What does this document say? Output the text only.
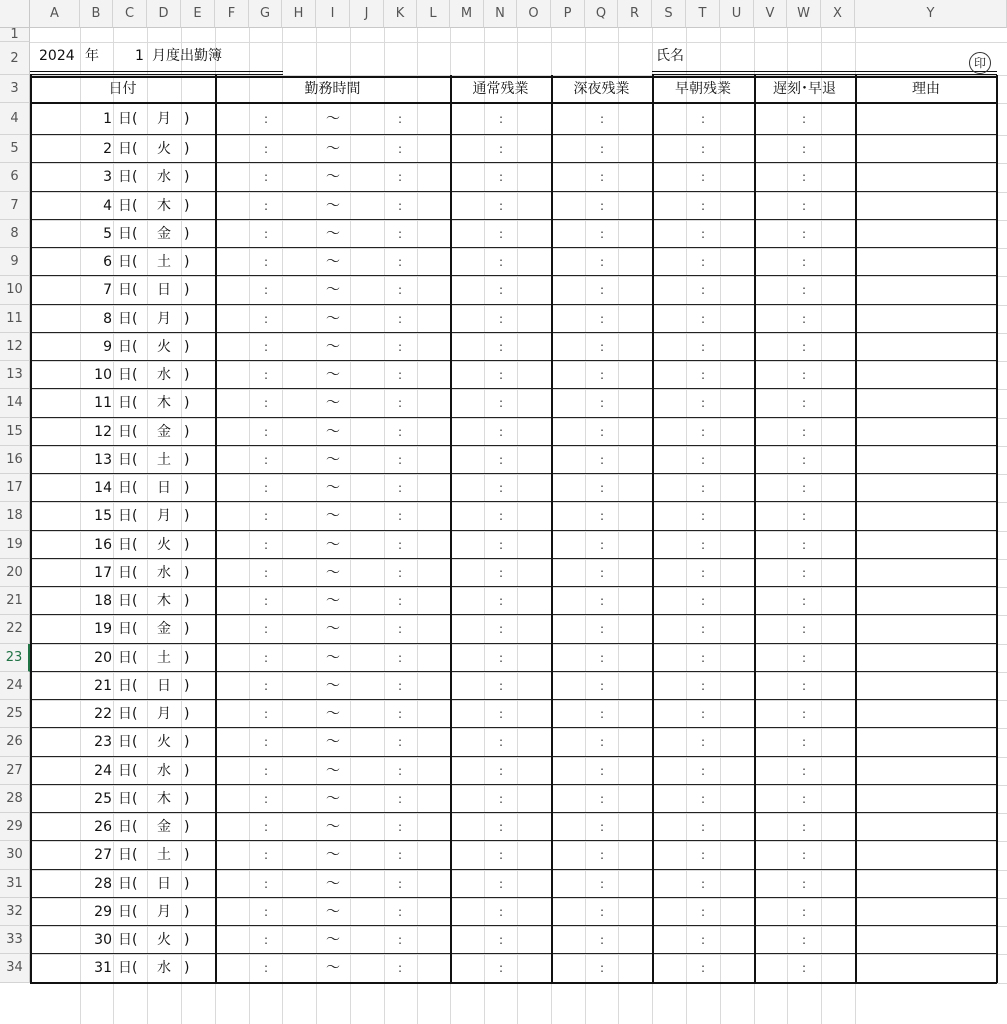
A	B	C	D	E	F	G	H	I	J	K	L	M	N	O	P	Q	R	S	T	U	V	W	X	Y
1
2
3
4
5
6
7
8
9
10
11
12
13
14
15
16
17
18
19
20
21
22
23
24
25
26
27
28
29
30
31
32
33
34
2024 年	1 月度出勤簿	氏名	印
日付	勤務時間	通常残業	深夜残業	早朝残業	遅刻･早退	理由
1 日( 月 )	:	～	:	:	:	:	:
2 日( 火 )	:	～	:	:	:	:	:
3 日( 水 )	:	～	:	:	:	:	:
4 日( 木 )	:	～	:	:	:	:	:
5 日( 金 )	:	～	:	:	:	:	:
6 日( 土 )	:	～	:	:	:	:	:
7 日( 日 )	:	～	:	:	:	:	:
8 日( 月 )	:	～	:	:	:	:	:
9 日( 火 )	:	～	:	:	:	:	:
10 日( 水 )	:	～	:	:	:	:	:
11 日( 木 )	:	～	:	:	:	:	:
12 日( 金 )	:	～	:	:	:	:	:
13 日( 土 )	:	～	:	:	:	:	:
14 日( 日 )	:	～	:	:	:	:	:
15 日( 月 )	:	～	:	:	:	:	:
16 日( 火 )	:	～	:	:	:	:	:
17 日( 水 )	:	～	:	:	:	:	:
18 日( 木 )	:	～	:	:	:	:	:
19 日( 金 )	:	～	:	:	:	:	:
20 日( 土 )	:	～	:	:	:	:	:
21 日( 日 )	:	～	:	:	:	:	:
22 日( 月 )	:	～	:	:	:	:	:
23 日( 火 )	:	～	:	:	:	:	:
24 日( 水 )	:	～	:	:	:	:	:
25 日( 木 )	:	～	:	:	:	:	:
26 日( 金 )	:	～	:	:	:	:	:
27 日( 土 )	:	～	:	:	:	:	:
28 日( 日 )	:	～	:	:	:	:	:
29 日( 月 )	:	～	:	:	:	:	:
30 日( 火 )	:	～	:	:	:	:	:
31 日( 水 )	:	～	:	:	:	:	:
